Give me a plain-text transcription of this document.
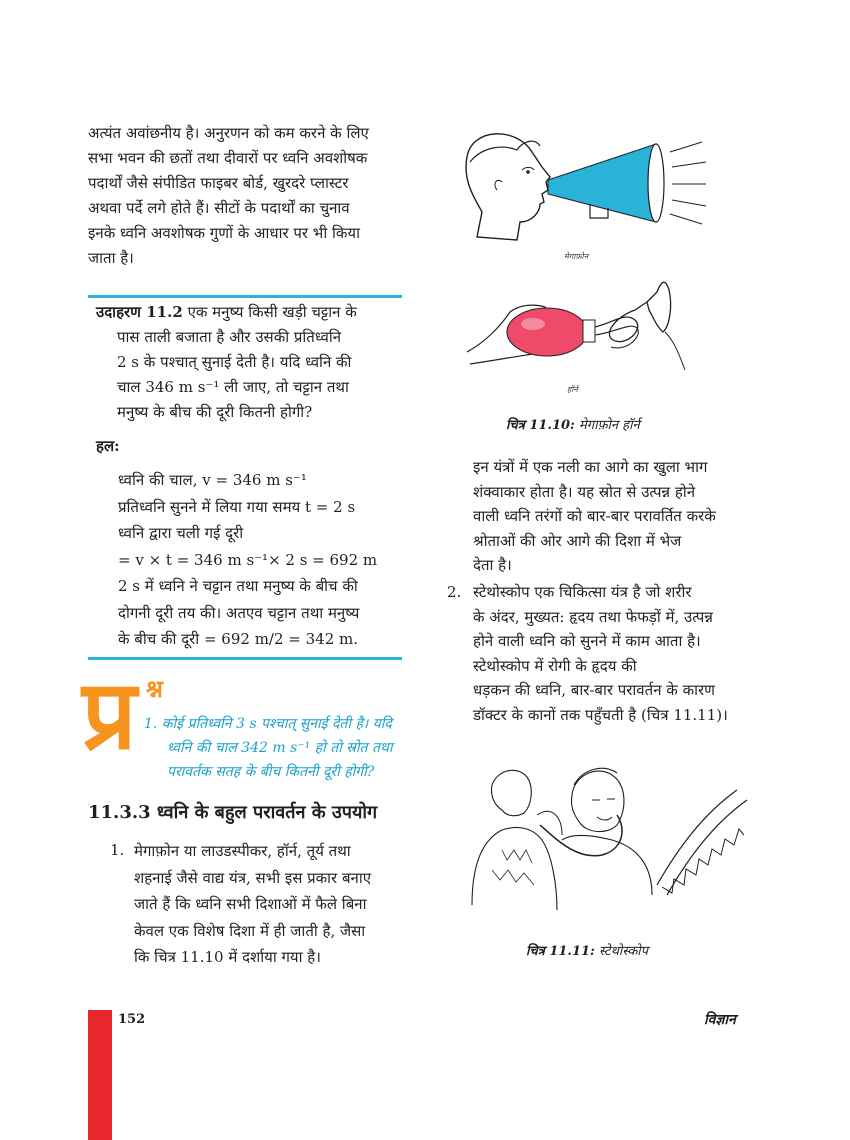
अत्यंत अवांछनीय है। अनुरणन को कम करने के लिए
सभा भवन की छतों तथा दीवारों पर ध्वनि अवशोषक
पदार्थों जैसे संपीडित फाइबर बोर्ड, खुरदरे प्लास्टर
अथवा पर्दे लगे होते हैं। सीटों के पदार्थों का चुनाव
इनके ध्वनि अवशोषक गुणों के आधार पर भी किया
जाता है।
उदाहरण 11.2 एक मनुष्य किसी खड़ी चट्टान के
पास ताली बजाता है और उसकी प्रतिध्वनि
2 s के पश्चात् सुनाई देती है। यदि ध्वनि की
चाल 346 m s⁻¹ ली जाए, तो चट्टान तथा
मनुष्य के बीच की दूरी कितनी होगी?
हल:
ध्वनि की चाल, v = 346 m s⁻¹
प्रतिध्वनि सुनने में लिया गया समय t = 2 s
ध्वनि द्वारा चली गई दूरी
= v × t = 346 m s⁻¹× 2 s = 692 m
2 s में ध्वनि ने चट्टान तथा मनुष्य के बीच की
दोगनी दूरी तय की। अतएव चट्टान तथा मनुष्य
के बीच की दूरी = 692 m/2 = 342 m.
प्र श्न
1. कोई प्रतिध्वनि 3 s पश्चात् सुनाई देती है। यदि
ध्वनि की चाल 342 m s⁻¹ हो तो स्रोत तथा
परावर्तक सतह के बीच कितनी दूरी होगी?
11.3.3 ध्वनि के बहुल परावर्तन के उपयोग
1. मेगाफ़ोन या लाउडस्पीकर, हॉर्न, तूर्य तथा
शहनाई जैसे वाद्य यंत्र, सभी इस प्रकार बनाए
जाते हैं कि ध्वनि सभी दिशाओं में फैले बिना
केवल एक विशेष दिशा में ही जाती है, जैसा
कि चित्र 11.10 में दर्शाया गया है।
मेगाफ़ोन
हॉर्न
चित्र 11.10: मेगाफ़ोन हॉर्न
इन यंत्रों में एक नली का आगे का खुला भाग
शंक्वाकार होता है। यह स्रोत से उत्पन्न होने
वाली ध्वनि तरंगों को बार-बार परावर्तित करके
श्रोताओं की ओर आगे की दिशा में भेज
देता है।
2. स्टेथोस्कोप एक चिकित्सा यंत्र है जो शरीर
के अंदर, मुख्यत: हृदय तथा फेफड़ों में, उत्पन्न
होने वाली ध्वनि को सुनने में काम आता है।
स्टेथोस्कोप में रोगी के हृदय की
धड़कन की ध्वनि, बार-बार परावर्तन के कारण
डॉक्टर के कानों तक पहुँचती है (चित्र 11.11)।
चित्र 11.11: स्टेथोस्कोप
152	विज्ञान
